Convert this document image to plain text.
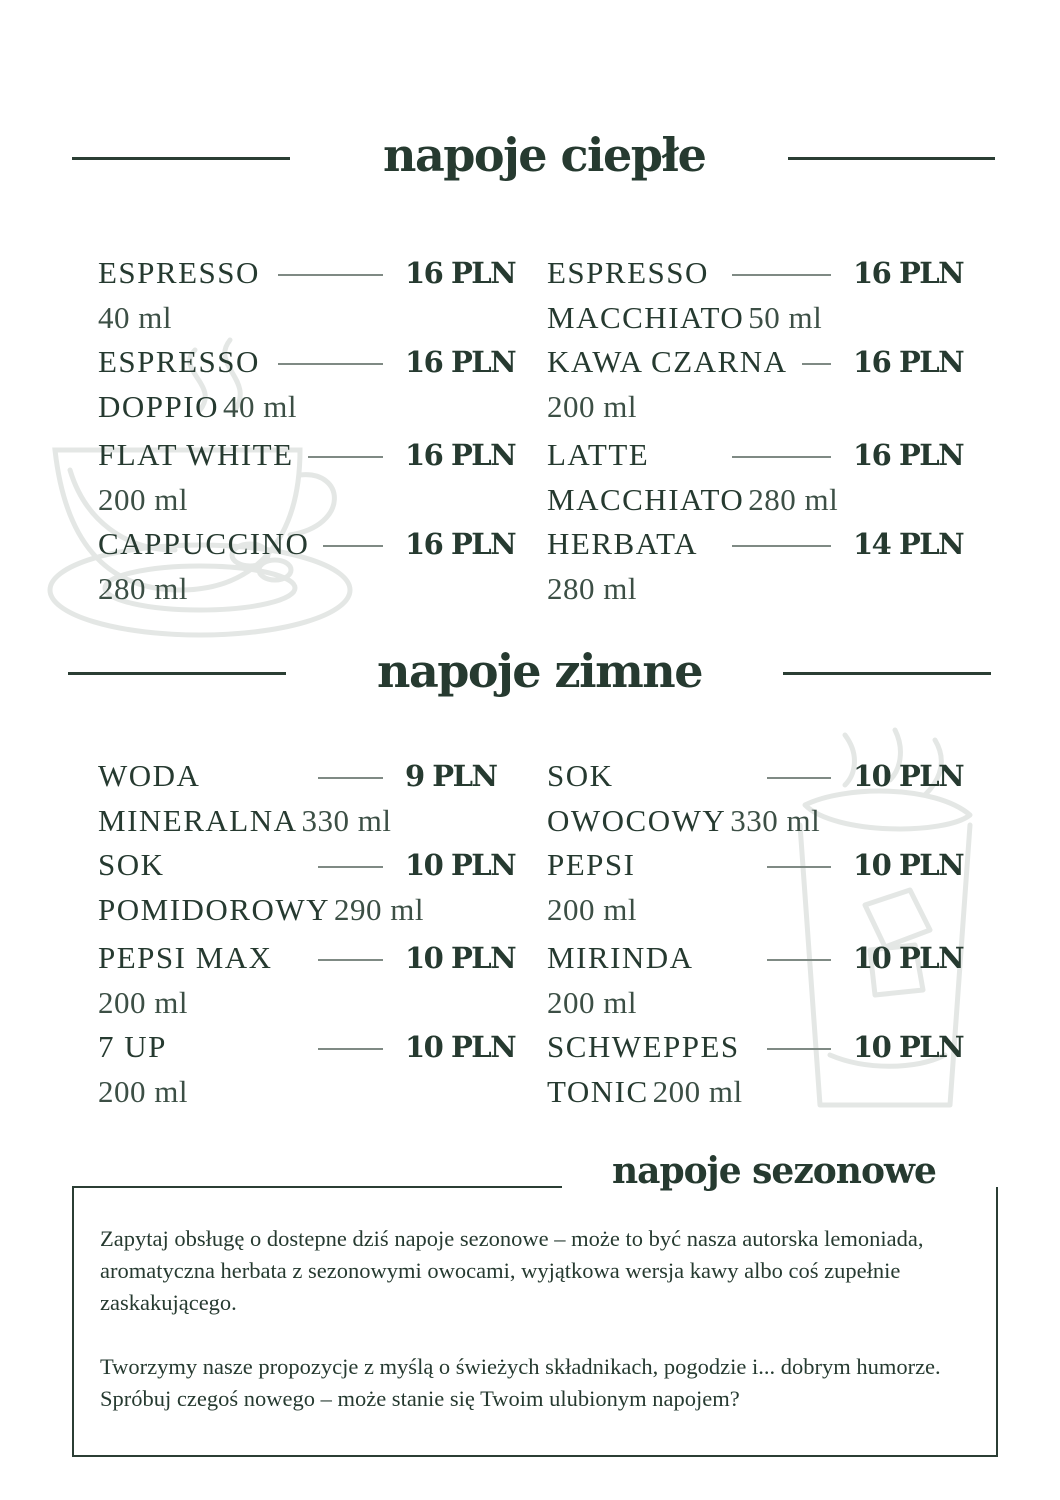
napoje ciepłe
ESPRESSO	16 PLN
40 ml
ESPRESSO	16 PLN
DOPPIO 40 ml
FLAT WHITE	16 PLN
200 ml
CAPPUCCINO	16 PLN
280 ml
ESPRESSO	16 PLN
MACCHIATO 50 ml
KAWA CZARNA 16 PLN
200 ml
LATTE	16 PLN
MACCHIATO 280 ml
HERBATA	14 PLN
280 ml
napoje zimne
WODA	9 PLN
MINERALNA 330 ml
SOK	10 PLN
POMIDOROWY 290 ml
PEPSI MAX	10 PLN
200 ml
7 UP	10 PLN
200 ml
SOK	10 PLN
OWOCOWY 330 ml
PEPSI	10 PLN
200 ml
MIRINDA	10 PLN
200 ml
SCHWEPPES	10 PLN
TONIC 200 ml
napoje sezonowe
Zapytaj obsługę o dostepne dziś napoje sezonowe – może to być nasza autorska lemoniada, aromatyczna herbata z sezonowymi owocami, wyjątkowa wersja kawy albo coś zupełnie zaskakującego.
Tworzymy nasze propozycje z myślą o świeżych składnikach, pogodzie i... dobrym humorze. Spróbuj czegoś nowego – może stanie się Twoim ulubionym napojem?
